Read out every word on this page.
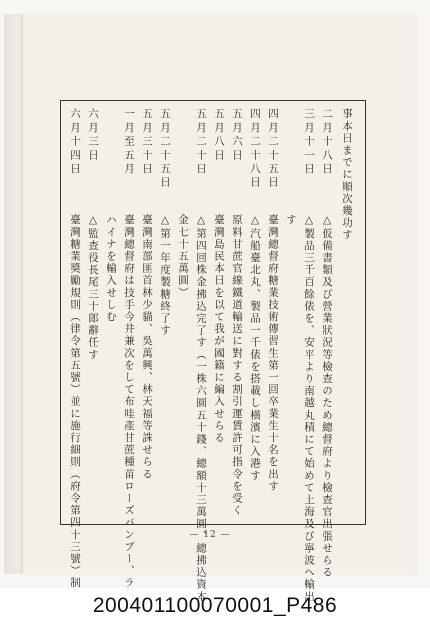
事本日までに順次幾功す
二月十八日
△仮備書類及び營業狀況等檢查のため總督府より檢查官出張せらる
三月十一日
△製品三千百餘俵を、安平より南越丸積にて始めて上海及び寧波へ輸出
す
四月二十五日
臺灣總督府糖業技術傳習生第一回卒業生十名を出す
四月二十八日
△汽船臺北丸、製品一千俵を搭載し橫濱に入港す
五月六日
原料甘蔗官線鐵道輸送に對する割引運賃許可指令を受く
五月八日
臺灣島民本日を以て我が國籍に編入せらる
五月二十日
△第四回株金拂込完了す（一株六圓五十錢、總額十三萬圓、總拂込資本
金七十五萬圓）
五月二十五日
△第一年度製糖終了す
五月三十日
臺灣南部匪首林少貓、吳萬興、林天福等誅せらる
一月至五月
臺灣總督府は技手今井兼次をして布哇產甘蔗種苗ローズバンブー、ラ
ハイナを輸入せしむ
六月三日
△監查役長尾三十郎辭任す
六月十四日
臺灣糖業奬勵規則（律令第五號）並に施行細則（府令第四十三號）制	— 12 —
200401100070001_P486
